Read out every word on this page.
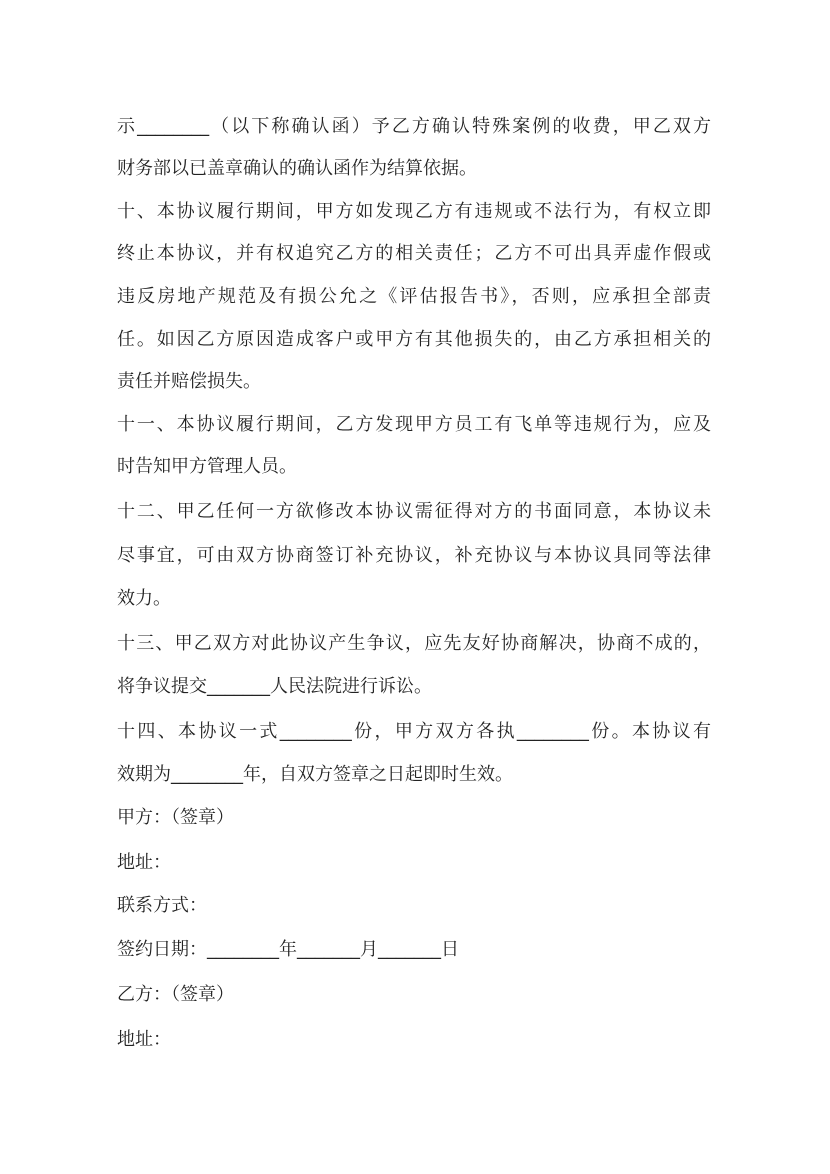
示________（以下称确认函）予乙方确认特殊案例的收费，甲乙双方
财务部以已盖章确认的确认函作为结算依据。
十、本协议履行期间，甲方如发现乙方有违规或不法行为，有权立即
终止本协议，并有权追究乙方的相关责任；乙方不可出具弄虚作假或
违反房地产规范及有损公允之《评估报告书》，否则，应承担全部责
任。如因乙方原因造成客户或甲方有其他损失的，由乙方承担相关的
责任并赔偿损失。
十一、本协议履行期间，乙方发现甲方员工有飞单等违规行为，应及
时告知甲方管理人员。
十二、甲乙任何一方欲修改本协议需征得对方的书面同意，本协议未
尽事宜，可由双方协商签订补充协议，补充协议与本协议具同等法律
效力。
十三、甲乙双方对此协议产生争议，应先友好协商解决，协商不成的，
将争议提交_______人民法院进行诉讼。
十四、本协议一式________份，甲方双方各执________份。本协议有
效期为________年，自双方签章之日起即时生效。
甲方：（签章）
地址：
联系方式：
签约日期：________年_______月_______日
乙方：（签章）
地址：
